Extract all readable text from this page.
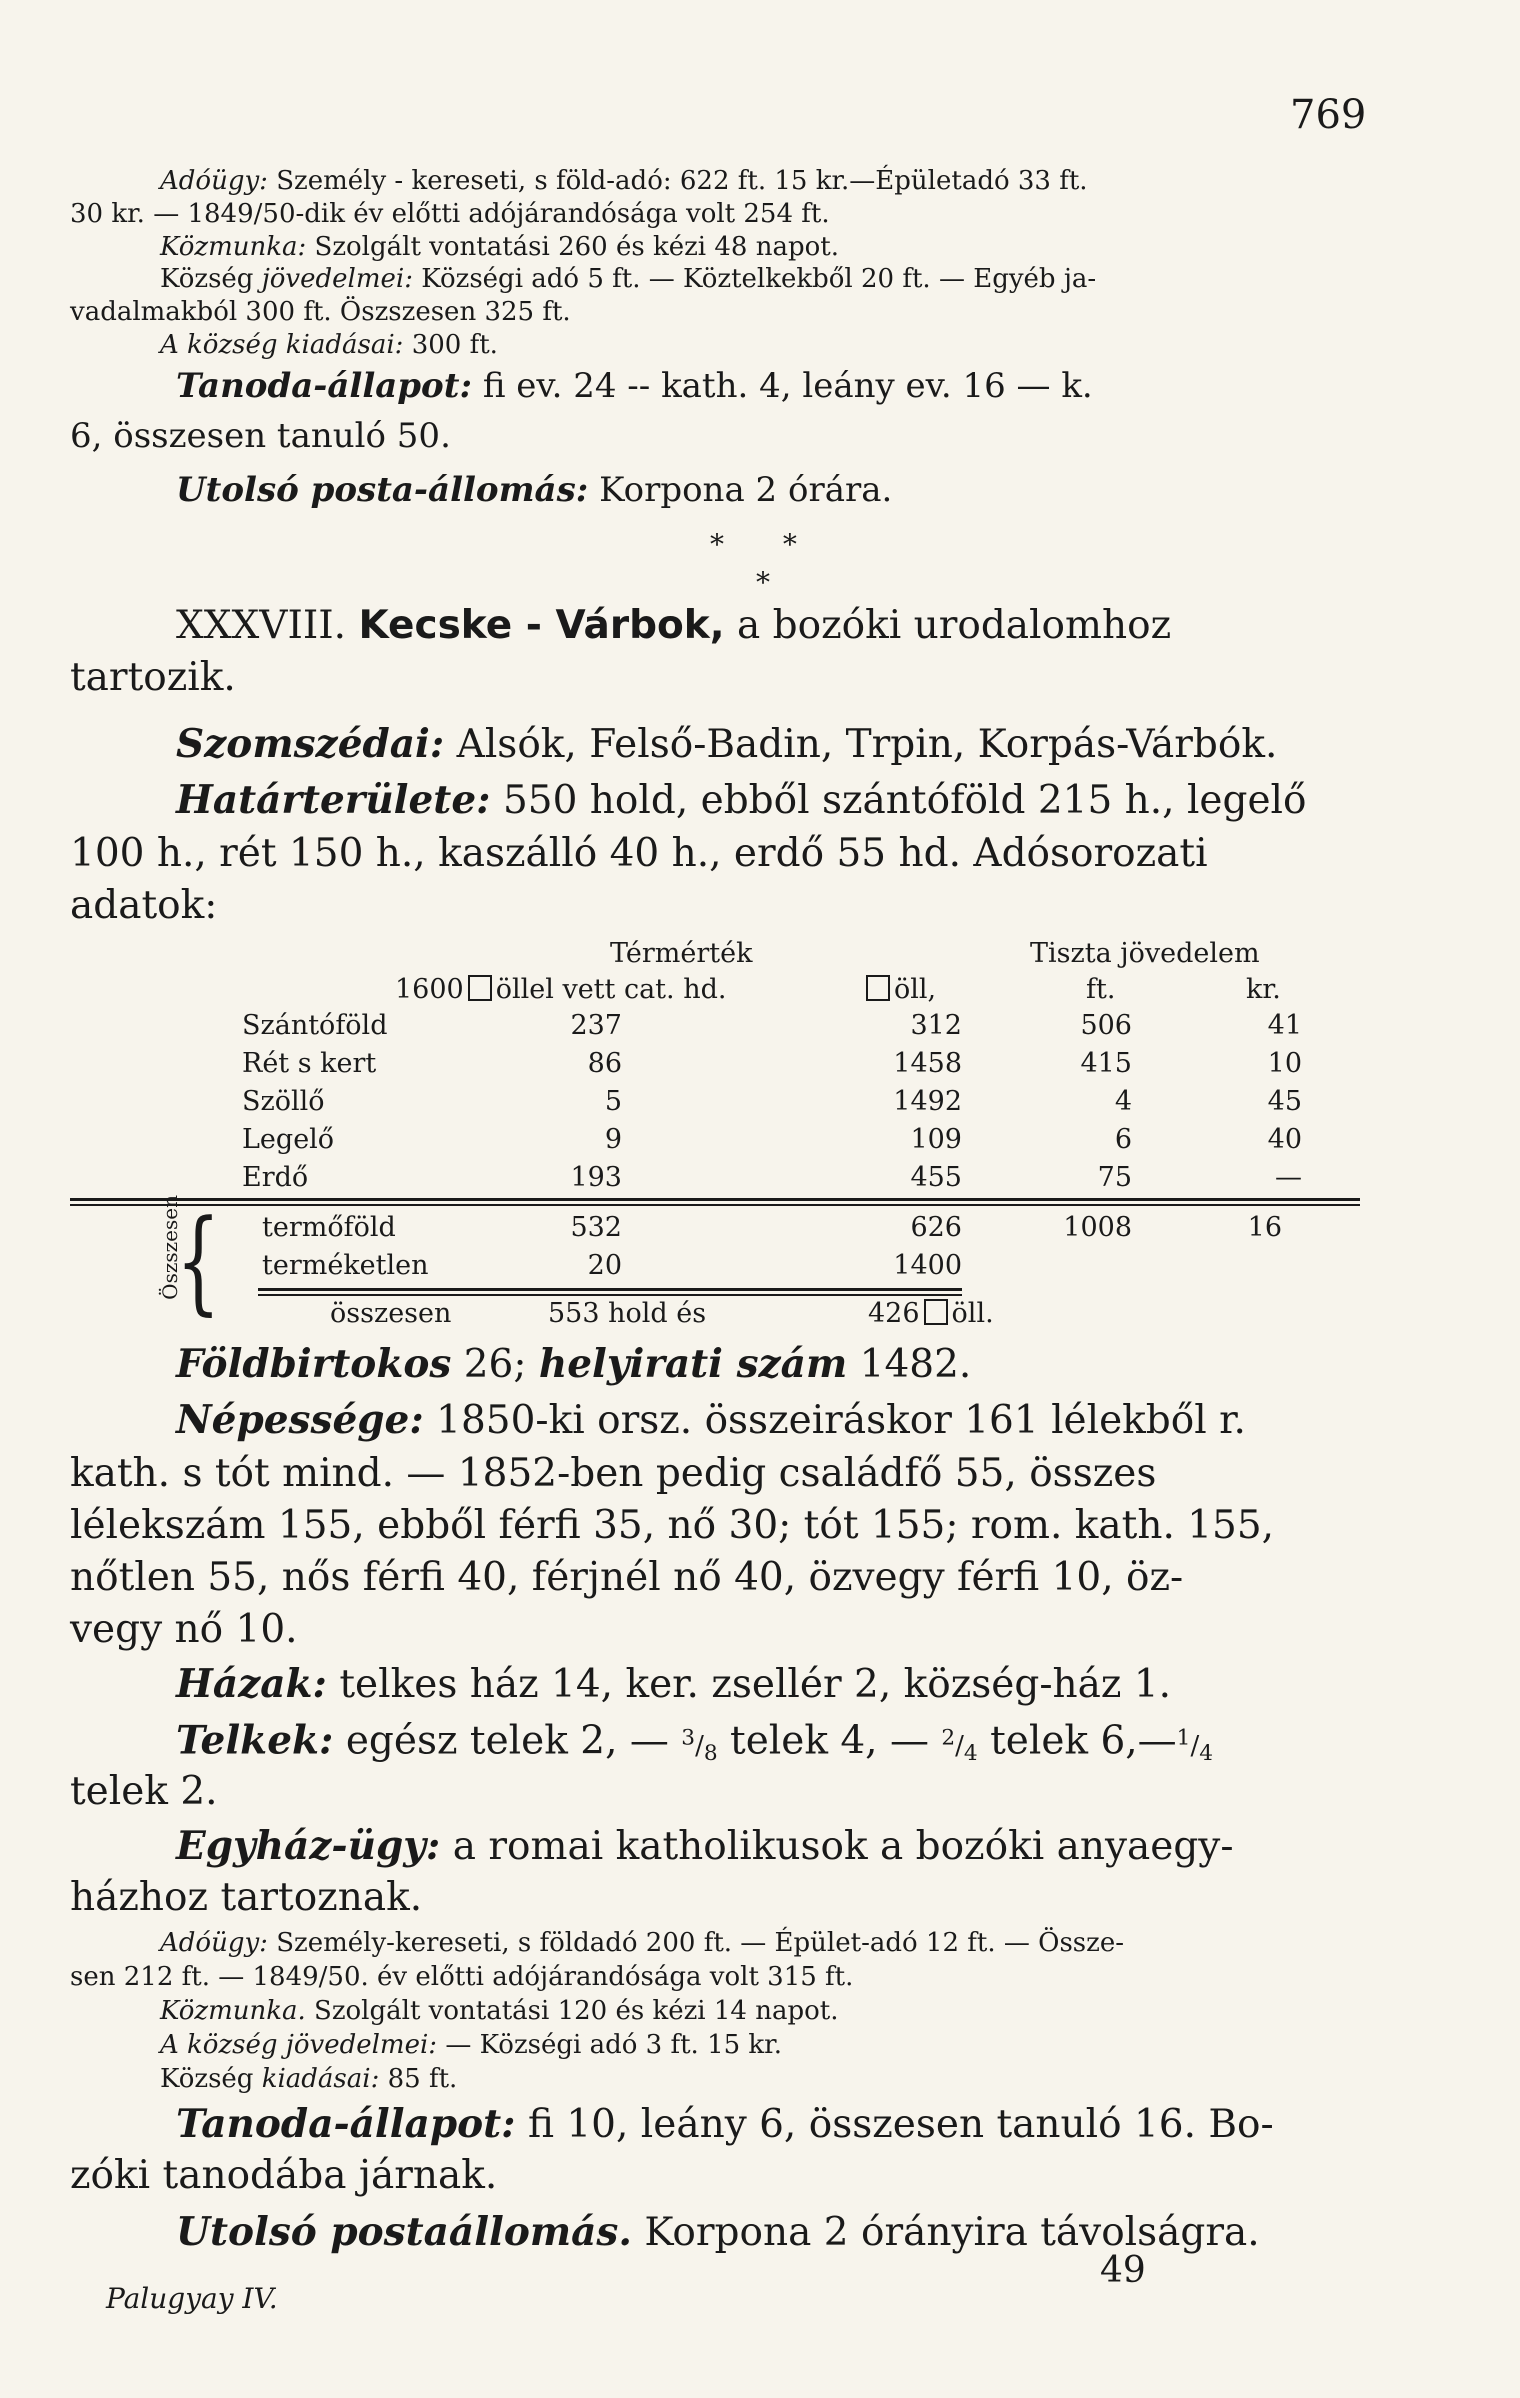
769
Adóügy: Személy - kereseti, s föld-adó: 622 ft. 15 kr.—Épületadó 33 ft.
30 kr. — 1849/50-dik év előtti adójárandósága volt 254 ft.
Közmunka: Szolgált vontatási 260 és kézi 48 napot.
Község jövedelmei: Községi adó 5 ft. — Köztelkekből 20 ft. — Egyéb ja-
vadalmakból 300 ft. Öszszesen 325 ft.
A község kiadásai: 300 ft.
Tanoda-állapot: fi ev. 24 -- kath. 4, leány ev. 16 — k.
6, összesen tanuló 50.
Utolsó posta-állomás: Korpona 2 órára.
* *
*
XXXVIII. Kecske - Várbok, a bozóki urodalomhoz
tartozik.
Szomszédai: Alsók, Felső-Badin, Trpin, Korpás-Várbók.
Határterülete: 550 hold, ebből szántóföld 215 h., legelő
100 h., rét 150 h., kaszálló 40 h., erdő 55 hd. Adósorozati
adatok:
Térmérték	Tiszta jövedelem
1600 öllel vett cat. hd.	öll,	ft.	kr.
Szántóföld	237	312	506	41
Rét s kert	86	1458	415	10
Szöllő	5	1492	4	45
Legelő	9	109	6	40
Erdő	193	455	75	—
Öszszesen
{ termőföld	532	626	1008	16
terméketlen	20	1400		
összesen	553 hold és	426 öll.
Földbirtokos 26; helyirati szám 1482.
Népessége: 1850-ki orsz. összeiráskor 161 lélekből r.
kath. s tót mind. — 1852-ben pedig családfő 55, összes
lélekszám 155, ebből férfi 35, nő 30; tót 155; rom. kath. 155,
nőtlen 55, nős férfi 40, férjnél nő 40, özvegy férfi 10, öz-
vegy nő 10.
Házak: telkes ház 14, ker. zsellér 2, község-ház 1.
Telkek: egész telek 2, — $^3/_8$ telek 4, — $^2/_4$ telek $6,—^1/_4$
telek 2.
Egyház-ügy: a romai katholikusok a bozóki anyaegy-
házhoz tartoznak.
Adóügy: Személy-kereseti, s földadó 200 ft. — Épület-adó 12 ft. — Össze-
sen 212 ft. — 1849/50. év előtti adójárandósága volt 315 ft.
Közmunka. Szolgált vontatási 120 és kézi 14 napot.
A község jövedelmei: — Községi adó 3 ft. 15 kr.
Község kiadásai: 85 ft.
Tanoda-állapot: fi 10, leány 6, összesen tanuló 16. Bo-
zóki tanodába járnak.
Utolsó postaállomás. Korpona 2 órányira távolságra.
Palugyay IV.
49
